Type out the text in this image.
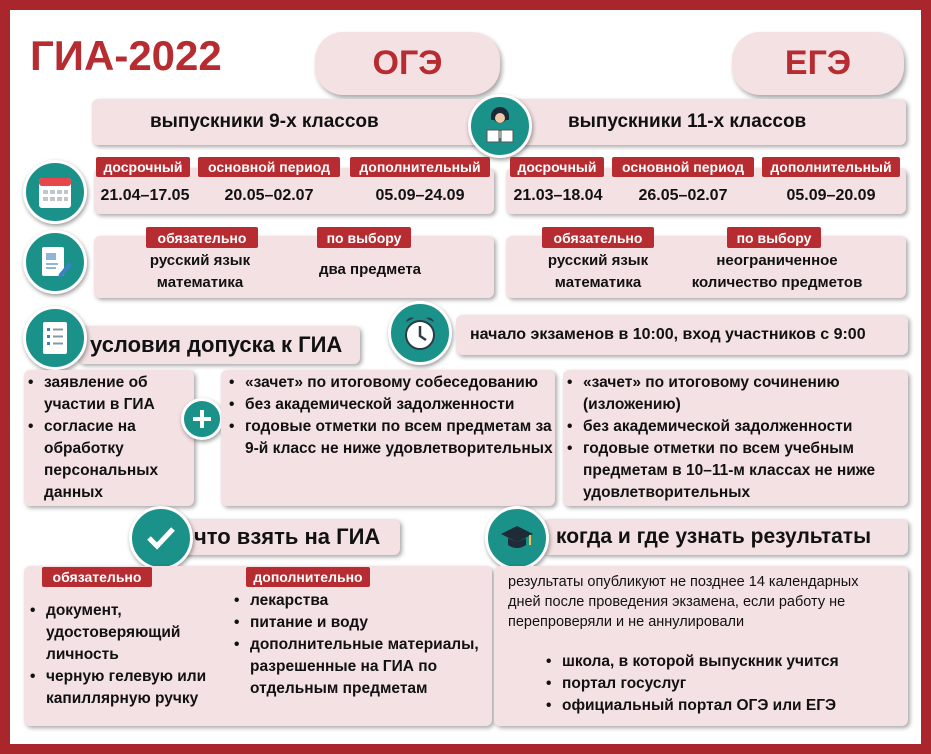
ГИА-2022	ОГЭ	ЕГЭ
выпускники 9-х классов	выпускники 11-х классов
досрочный	основной период	дополнительный
21.04–17.05	20.05–02.07	05.09–24.09
досрочный	основной период	дополнительный
21.03–18.04	26.05–02.07	05.09–20.09
обязательно	по выбору
русский язык
математика
два предмета
обязательно	по выбору
русский язык
математика
неограниченное
количество предметов
условия допуска к ГИА	начало экзаменов в 10:00, вход участников с 9:00
• заявление об участии в ГИА
• согласие на обработку персональных данных
• «зачет» по итоговому собеседованию
• без академической задолженности
• годовые отметки по всем предметам за 9-й класс не ниже удовлетворительных
• «зачет» по итоговому сочинению (изложению)
• без академической задолженности
• годовые отметки по всем учебным предметам в 10–11-м классах не ниже удовлетворительных
что взять на ГИА	когда и где узнать результаты
обязательно	дополнительно
• документ, удостоверяющий личность
• черную гелевую или капиллярную ручку
• лекарства
• питание и воду
• дополнительные материалы, разрешенные на ГИА по отдельным предметам
результаты опубликуют не позднее 14 календарных дней после проведения экзамена, если работу не перепроверяли и не аннулировали
• школа, в которой выпускник учится
• портал госуслуг
• официальный портал ОГЭ или ЕГЭ
